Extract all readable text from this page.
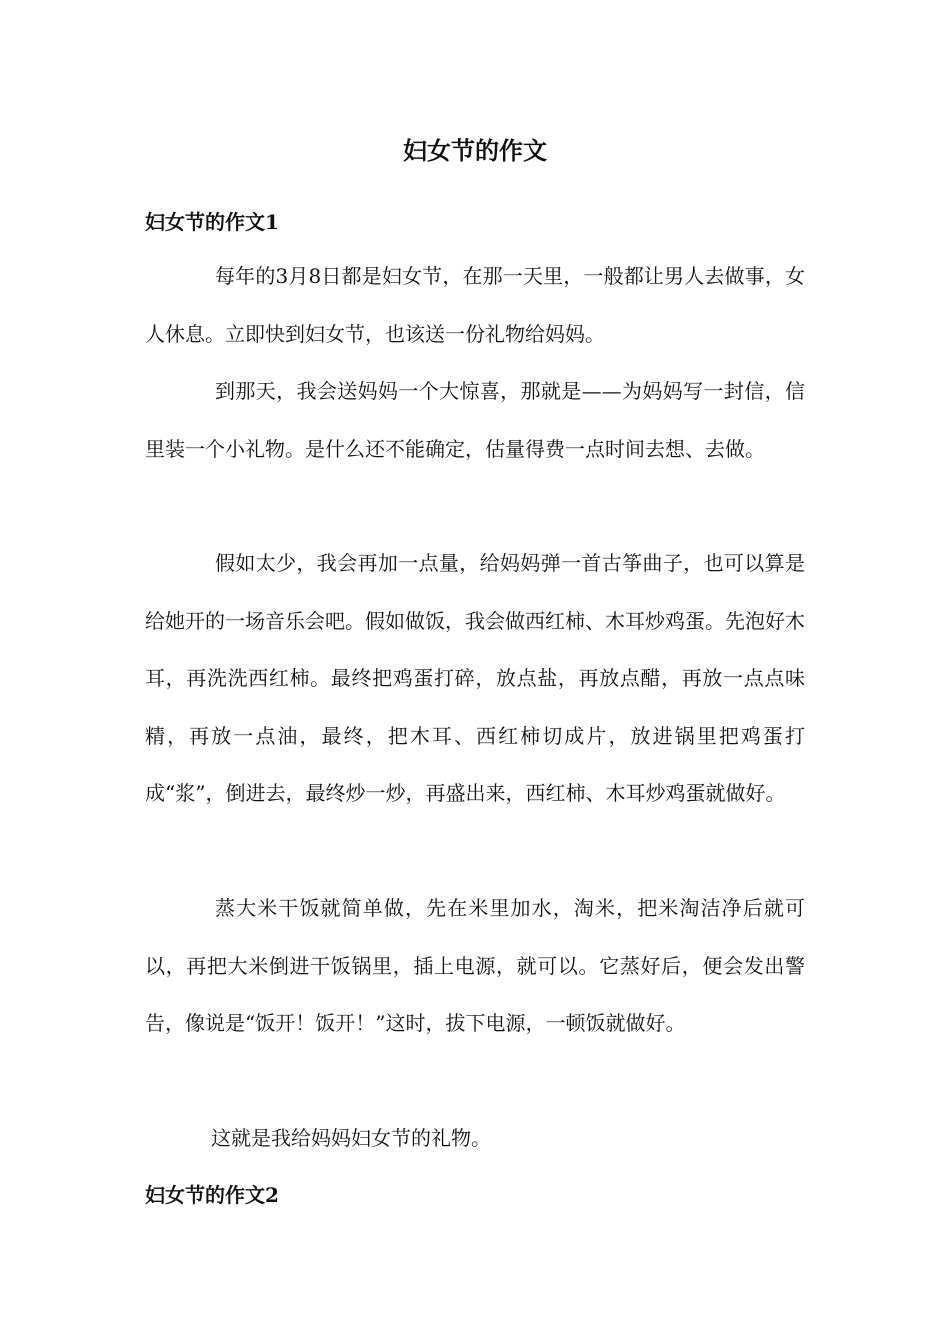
妇女节的作文
妇女节的作文1

每年的3月8日都是妇女节，在那一天里，一般都让男人去做事，女人休息。立即快到妇女节，也该送一份礼物给妈妈。

到那天，我会送妈妈一个大惊喜，那就是——为妈妈写一封信，信里装一个小礼物。是什么还不能确定，估量得费一点时间去想、去做。

假如太少，我会再加一点量，给妈妈弹一首古筝曲子，也可以算是给她开的一场音乐会吧。假如做饭，我会做西红柿、木耳炒鸡蛋。先泡好木耳，再洗洗西红柿。最终把鸡蛋打碎，放点盐，再放点醋，再放一点点味精，再放一点油，最终，把木耳、西红柿切成片，放进锅里把鸡蛋打成“浆”，倒进去，最终炒一炒，再盛出来，西红柿、木耳炒鸡蛋就做好。

蒸大米干饭就简单做，先在米里加水，淘米，把米淘洁净后就可以，再把大米倒进干饭锅里，插上电源，就可以。它蒸好后，便会发出警告，像说是“饭开！饭开！”这时，拔下电源，一顿饭就做好。

这就是我给妈妈妇女节的礼物。

妇女节的作文2
